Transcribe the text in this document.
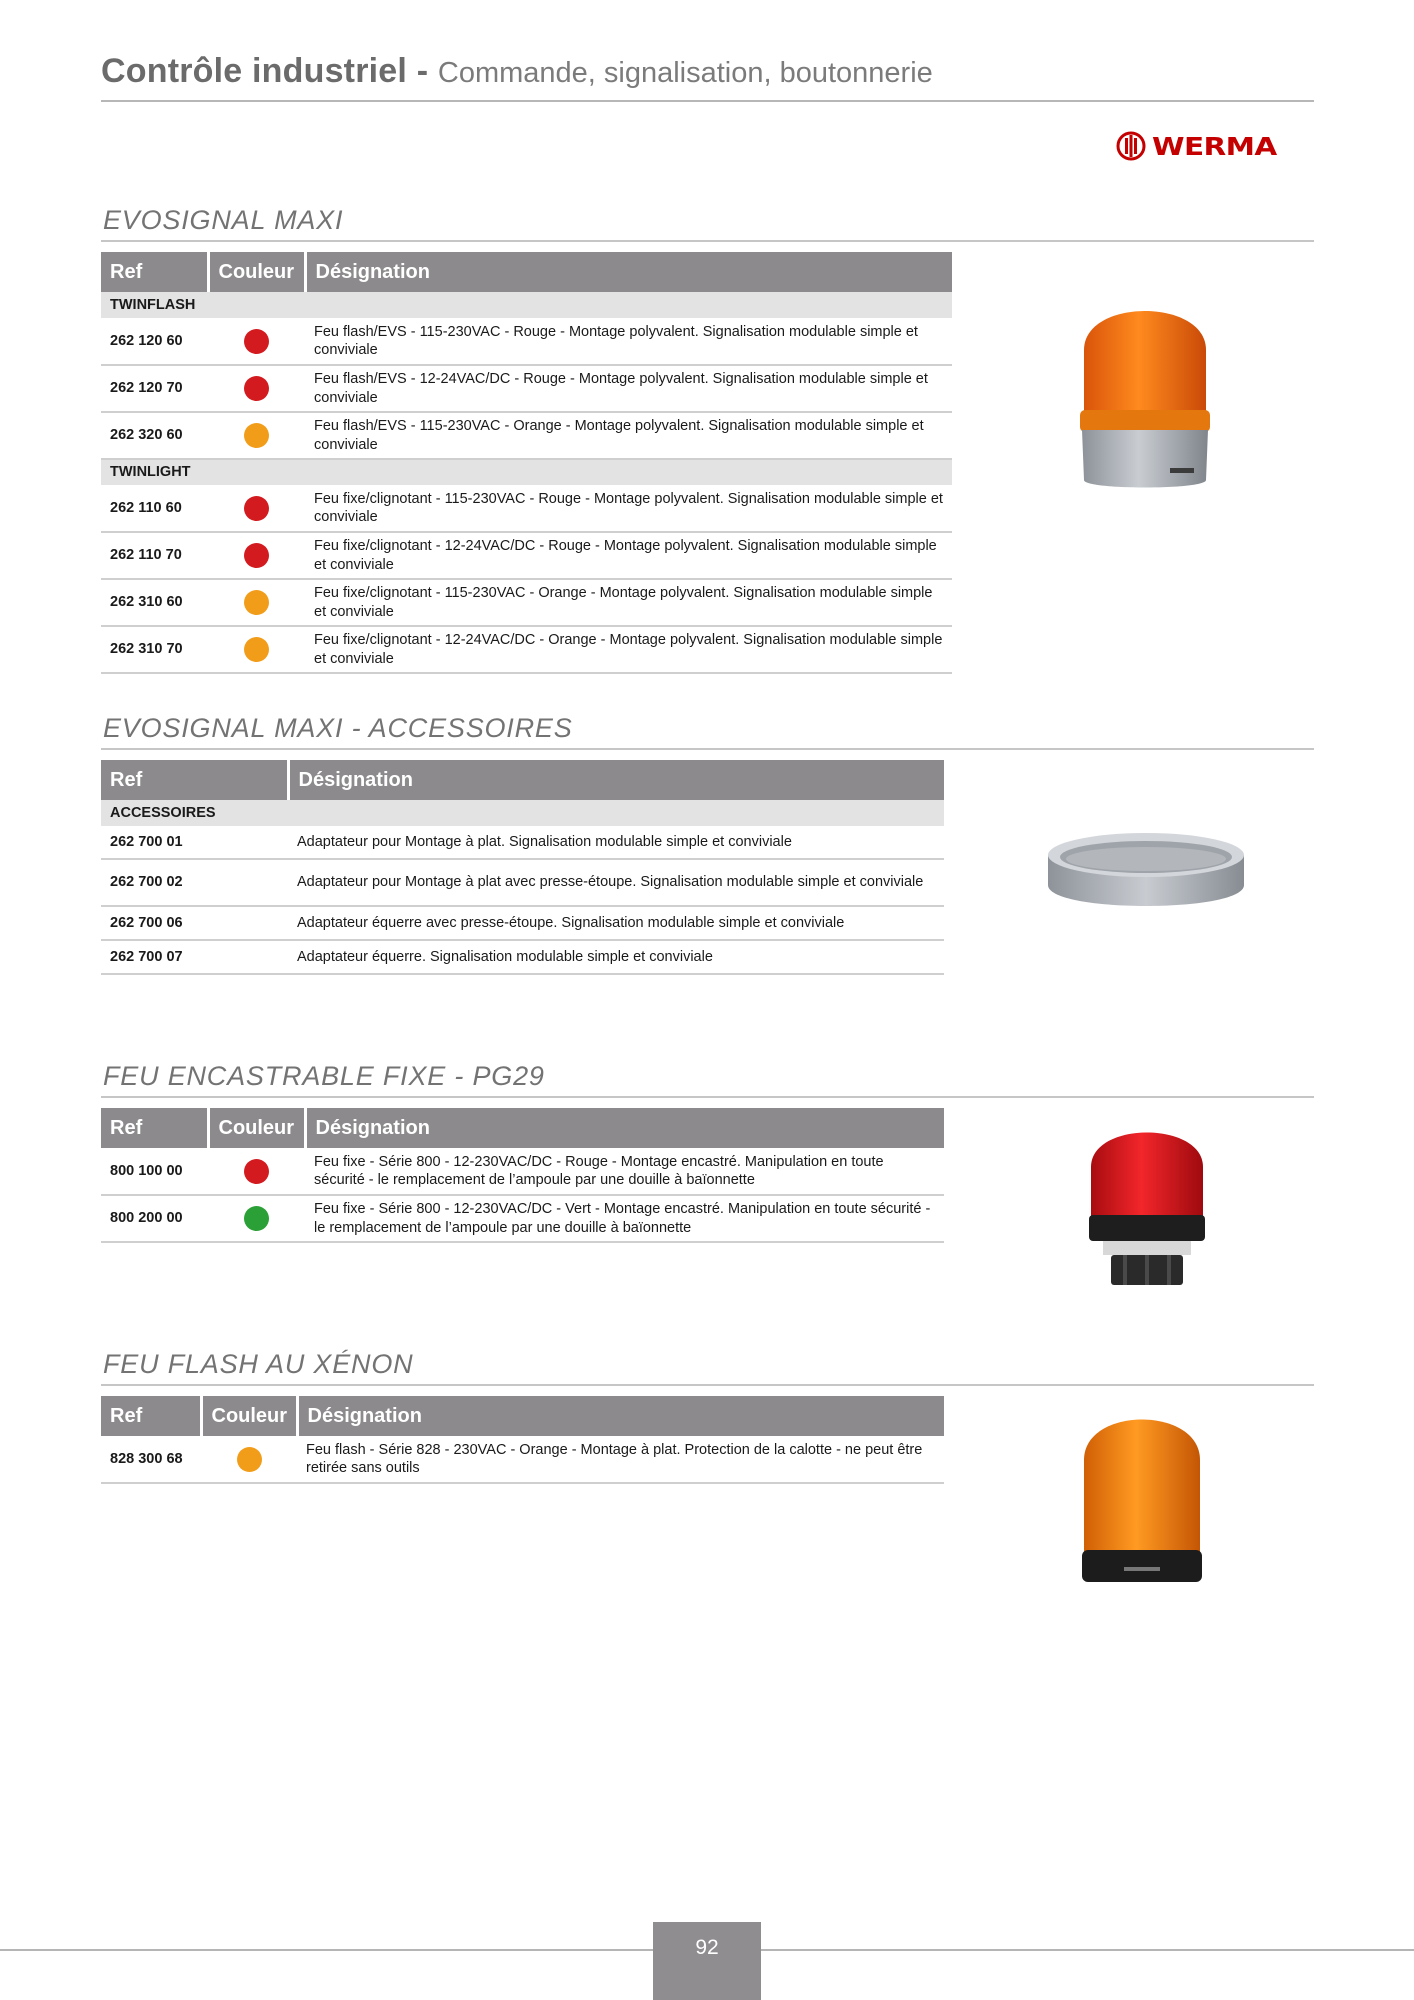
Contrôle industriel - Commande, signalisation, boutonnerie
WERMA
EVOSIGNAL MAXI
Ref	Couleur	Désignation
TWINFLASH		
262 120 60		Feu flash/EVS - 115-230VAC - Rouge - Montage polyvalent. Signalisation modulable simple et conviviale
262 120 70		Feu flash/EVS - 12-24VAC/DC - Rouge - Montage polyvalent. Signalisation modulable simple et conviviale
262 320 60		Feu flash/EVS - 115-230VAC - Orange - Montage polyvalent. Signalisation modulable simple et conviviale
TWINLIGHT		
262 110 60		Feu fixe/clignotant - 115-230VAC - Rouge - Montage polyvalent. Signalisation modulable simple et conviviale
262 110 70		Feu fixe/clignotant - 12-24VAC/DC - Rouge - Montage polyvalent. Signalisation modulable simple et conviviale
262 310 60		Feu fixe/clignotant - 115-230VAC - Orange - Montage polyvalent. Signalisation modulable simple et conviviale
262 310 70		Feu fixe/clignotant - 12-24VAC/DC - Orange - Montage polyvalent. Signalisation modulable simple et conviviale
EVOSIGNAL MAXI - ACCESSOIRES
Ref	Désignation
ACCESSOIRES	
262 700 01	Adaptateur pour Montage à plat. Signalisation modulable simple et conviviale
262 700 02	Adaptateur pour Montage à plat avec presse-étoupe. Signalisation modulable simple et conviviale
262 700 06	Adaptateur équerre avec presse-étoupe. Signalisation modulable simple et conviviale
262 700 07	Adaptateur équerre. Signalisation modulable simple et conviviale
FEU ENCASTRABLE FIXE - PG29
Ref	Couleur	Désignation
800 100 00		Feu fixe - Série 800 - 12-230VAC/DC - Rouge - Montage encastré. Manipulation en toute sécurité - le remplacement de l’ampoule par une douille à baïonnette
800 200 00		Feu fixe - Série 800 - 12-230VAC/DC - Vert - Montage encastré. Manipulation en toute sécurité - le remplacement de l’ampoule par une douille à baïonnette
FEU FLASH AU XÉNON
Ref	Couleur	Désignation
828 300 68		Feu flash - Série 828 - 230VAC - Orange - Montage à plat. Protection de la calotte - ne peut être retirée sans outils
92
